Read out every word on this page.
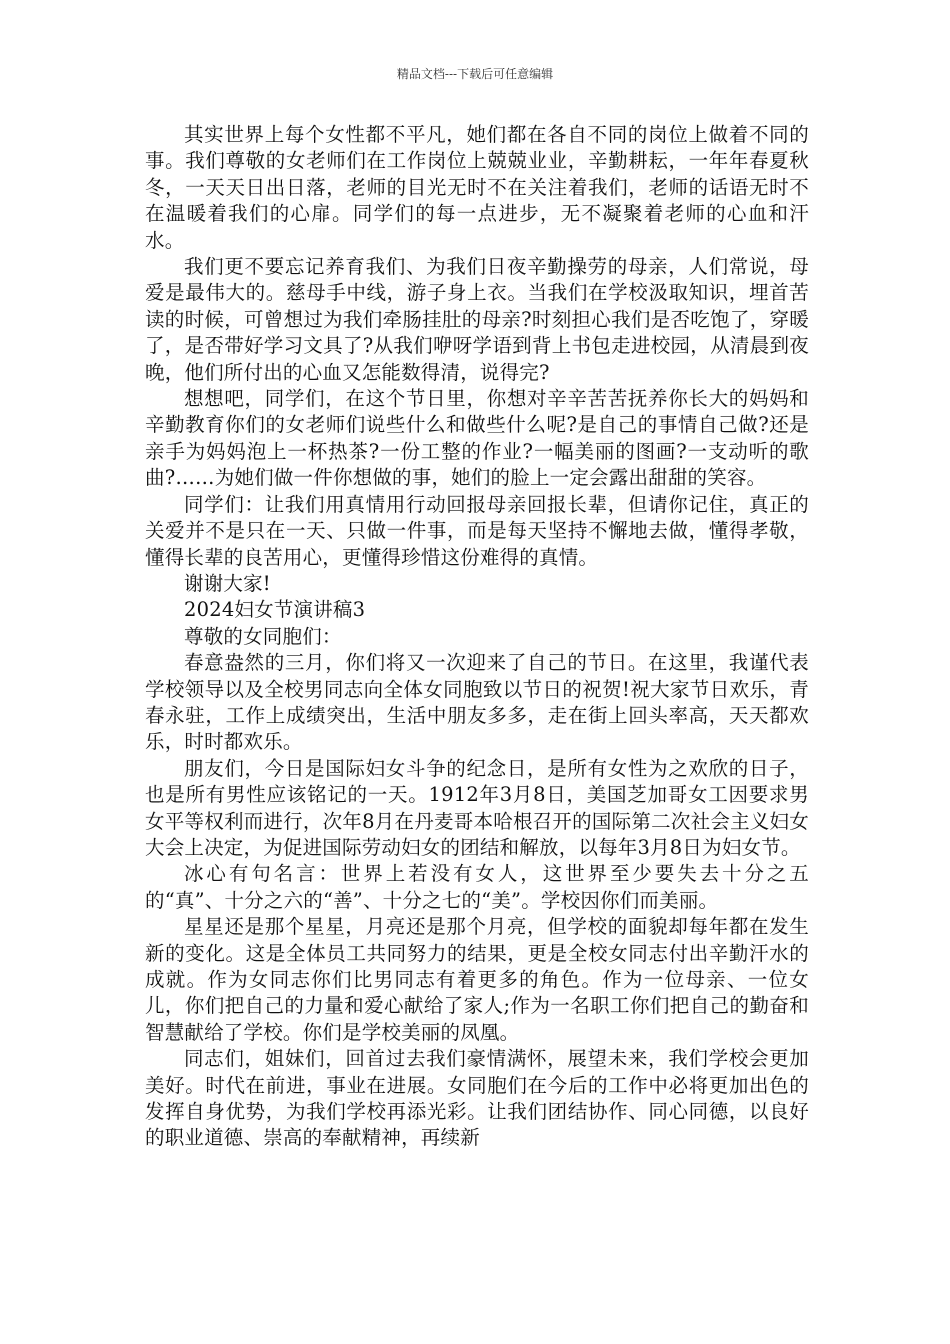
精品文档---下载后可任意编辑

其实世界上每个女性都不平凡，她们都在各自不同的岗位上做着不同的事。我们尊敬的女老师们在工作岗位上兢兢业业，辛勤耕耘，一年年春夏秋冬，一天天日出日落，老师的目光无时不在关注着我们，老师的话语无时不在温暖着我们的心扉。同学们的每一点进步，无不凝聚着老师的心血和汗水。

我们更不要忘记养育我们、为我们日夜辛勤操劳的母亲，人们常说，母爱是最伟大的。慈母手中线，游子身上衣。当我们在学校汲取知识，埋首苦读的时候，可曾想过为我们牵肠挂肚的母亲?时刻担心我们是否吃饱了，穿暖了，是否带好学习文具了?从我们咿呀学语到背上书包走进校园，从清晨到夜晚，他们所付出的心血又怎能数得清，说得完?

想想吧，同学们，在这个节日里，你想对辛辛苦苦抚养你长大的妈妈和辛勤教育你们的女老师们说些什么和做些什么呢?是自己的事情自己做?还是亲手为妈妈泡上一杯热茶?一份工整的作业?一幅美丽的图画?一支动听的歌曲?……为她们做一件你想做的事，她们的脸上一定会露出甜甜的笑容。

同学们：让我们用真情用行动回报母亲回报长辈，但请你记住，真正的关爱并不是只在一天、只做一件事，而是每天坚持不懈地去做，懂得孝敬，懂得长辈的良苦用心，更懂得珍惜这份难得的真情。

谢谢大家!

2024妇女节演讲稿3

尊敬的女同胞们：

春意盎然的三月，你们将又一次迎来了自己的节日。在这里，我谨代表学校领导以及全校男同志向全体女同胞致以节日的祝贺!祝大家节日欢乐，青春永驻，工作上成绩突出，生活中朋友多多，走在街上回头率高，天天都欢乐，时时都欢乐。

朋友们，今日是国际妇女斗争的纪念日，是所有女性为之欢欣的日子，也是所有男性应该铭记的一天。1912年3月8日，美国芝加哥女工因要求男女平等权利而进行，次年8月在丹麦哥本哈根召开的国际第二次社会主义妇女大会上决定，为促进国际劳动妇女的团结和解放，以每年3月8日为妇女节。

冰心有句名言：世界上若没有女人，这世界至少要失去十分之五的“真”、十分之六的“善”、十分之七的“美”。学校因你们而美丽。

星星还是那个星星，月亮还是那个月亮，但学校的面貌却每年都在发生新的变化。这是全体员工共同努力的结果，更是全校女同志付出辛勤汗水的成就。作为女同志你们比男同志有着更多的角色。作为一位母亲、一位女儿，你们把自己的力量和爱心献给了家人;作为一名职工你们把自己的勤奋和智慧献给了学校。你们是学校美丽的凤凰。

同志们，姐妹们，回首过去我们豪情满怀，展望未来，我们学校会更加美好。时代在前进，事业在进展。女同胞们在今后的工作中必将更加出色的发挥自身优势，为我们学校再添光彩。让我们团结协作、同心同德，以良好的职业道德、崇高的奉献精神，再续新
